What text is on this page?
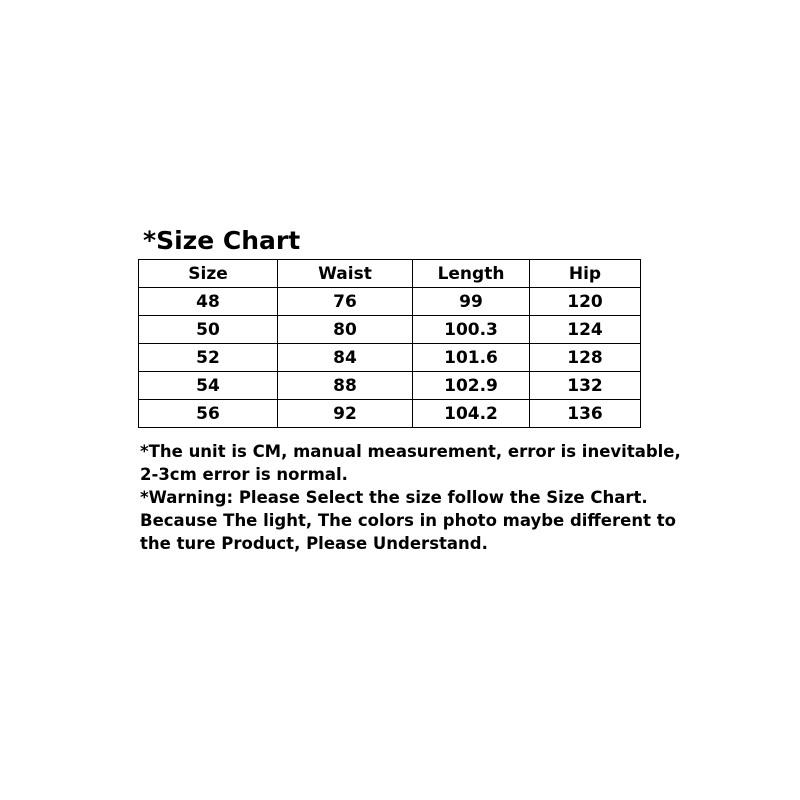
*Size Chart
Size	Waist	Length	Hip
48	76	99	120
50	80	100.3	124
52	84	101.6	128
54	88	102.9	132
56	92	104.2	136

*The unit is CM, manual measurement, error is inevitable,

2-3cm error is normal.

*Warning: Please Select the size follow the Size Chart.

Because The light, The colors in photo maybe different to

the ture Product, Please Understand.
